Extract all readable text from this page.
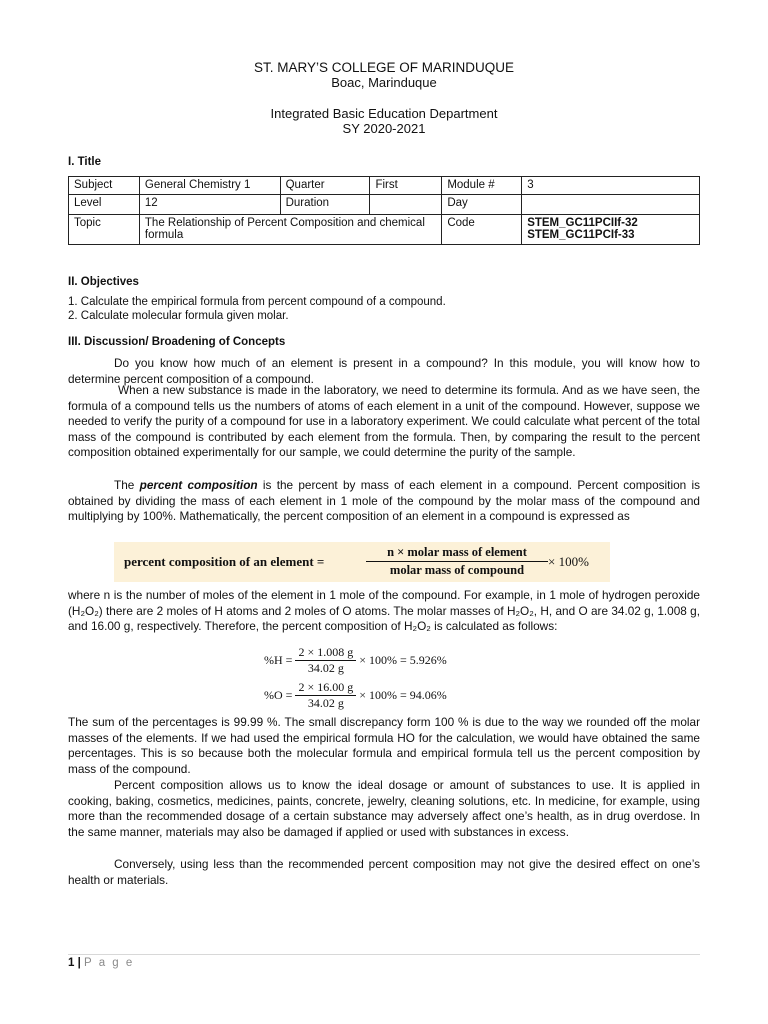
ST. MARY’S COLLEGE OF MARINDUQUE
Boac, Marinduque
Integrated Basic Education Department
SY 2020-2021
I. Title
Subject	General Chemistry 1	Quarter	First	Module #	3
Level	12	Duration		Day	
Topic	The Relationship of Percent Composition and chemical formula			Code	STEM_GC11PCIIf-32
STEM_GC11PCIf-33
II. Objectives
1. Calculate the empirical formula from percent compound of a compound.
2. Calculate molecular formula given molar.
III. Discussion/ Broadening of Concepts
Do you know how much of an element is present in a compound? In this module, you will know how to determine percent composition of a compound.
When a new substance is made in the laboratory, we need to determine its formula. And as we have seen, the formula of a compound tells us the numbers of atoms of each element in a unit of the compound. However, suppose we needed to verify the purity of a compound for use in a laboratory experiment. We could calculate what percent of the total mass of the compound is contributed by each element from the formula. Then, by comparing the result to the percent composition obtained experimentally for our sample, we could determine the purity of the sample.
The percent composition is the percent by mass of each element in a compound. Percent composition is obtained by dividing the mass of each element in 1 mole of the compound by the molar mass of the compound and multiplying by 100%. Mathematically, the percent composition of an element in a compound is expressed as
percent composition of an element =
n × molar mass of element
molar mass of compound
× 100%
where n is the number of moles of the element in 1 mole of the compound. For example, in 1 mole of hydrogen peroxide (H₂O₂) there are 2 moles of H atoms and 2 moles of O atoms. The molar masses of H₂O₂, H, and O are 34.02 g, 1.008 g, and 16.00 g, respectively. Therefore, the percent composition of H₂O₂ is calculated as follows:
$\%H = \frac{2 \times 1.008 g}{34.02 g} \times 100\% = 5.926\%$
$\%O = \frac{2 \times 16.00 g}{34.02 g} \times 100\% = 94.06\%$
The sum of the percentages is 99.99 %. The small discrepancy form 100 % is due to the way we rounded off the molar masses of the elements. If we had used the empirical formula HO for the calculation, we would have obtained the same percentages. This is so because both the molecular formula and empirical formula tell us the percent composition by mass of the compound.
Percent composition allows us to know the ideal dosage or amount of substances to use. It is applied in cooking, baking, cosmetics, medicines, paints, concrete, jewelry, cleaning solutions, etc. In medicine, for example, using more than the recommended dosage of a certain substance may adversely affect one’s health, as in drug overdose. In the same manner, materials may also be damaged if applied or used with substances in excess.
Conversely, using less than the recommended percent composition may not give the desired effect on one’s health or materials.
1 | P a g e
